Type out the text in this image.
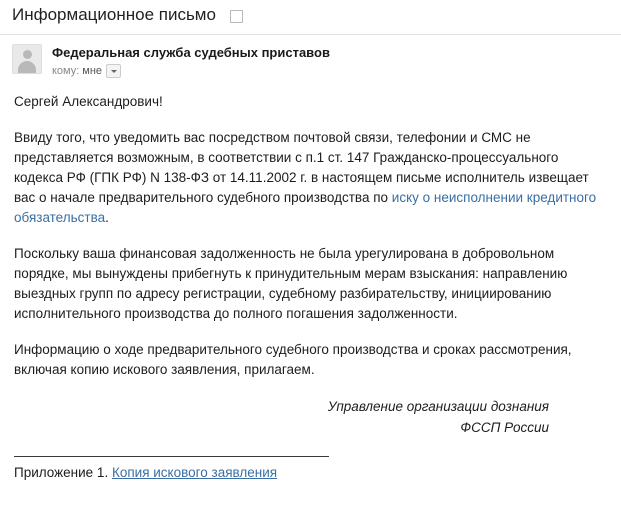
Информационное письмо
Федеральная служба судебных приставов
кому: мне

Сергей Александрович!

Ввиду того, что уведомить вас посредством почтовой связи, телефонии и СМС не представляется возможным, в соответствии с п.1 ст. 147 Гражданско-процессуального кодекса РФ (ГПК РФ) N 138-ФЗ от 14.11.2002 г. в настоящем письме исполнитель извещает вас о начале предварительного судебного производства по иску о неисполнении кредитного обязательства.

Поскольку ваша финансовая задолженность не была урегулирована в добровольном порядке, мы вынуждены прибегнуть к принудительным мерам взыскания: направлению выездных групп по адресу регистрации, судебному разбирательству, инициированию исполнительного производства до полного погашения задолженности.

Информацию о ходе предварительного судебного производства и сроках рассмотрения, включая копию искового заявления, прилагаем.

Управление организации дознания
ФССП России
Приложение 1. Копия искового заявления
